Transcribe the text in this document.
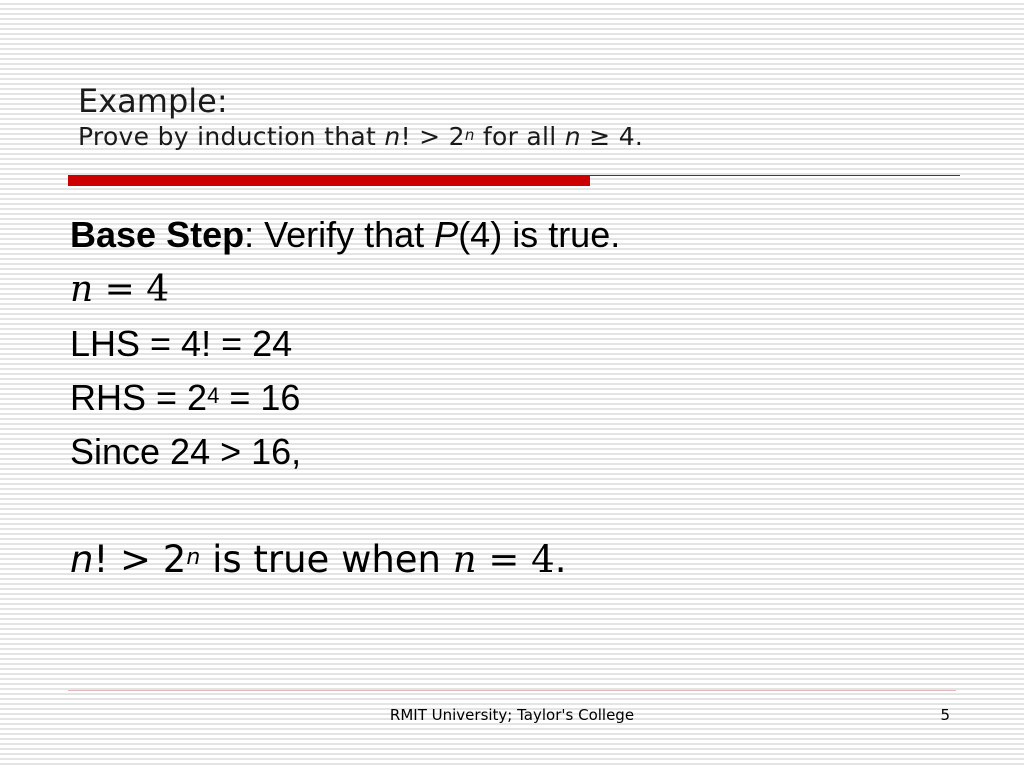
Example:
Prove by induction that n! > $2^n$ for all n ≥ 4.
Base Step: Verify that P(4) is true.
n = 4
LHS = 4! = 24
RHS = $2^4 = 16$
Since 24 > 16,
n! > $2^n$ is true when n = 4.
RMIT University; Taylor's College	5
